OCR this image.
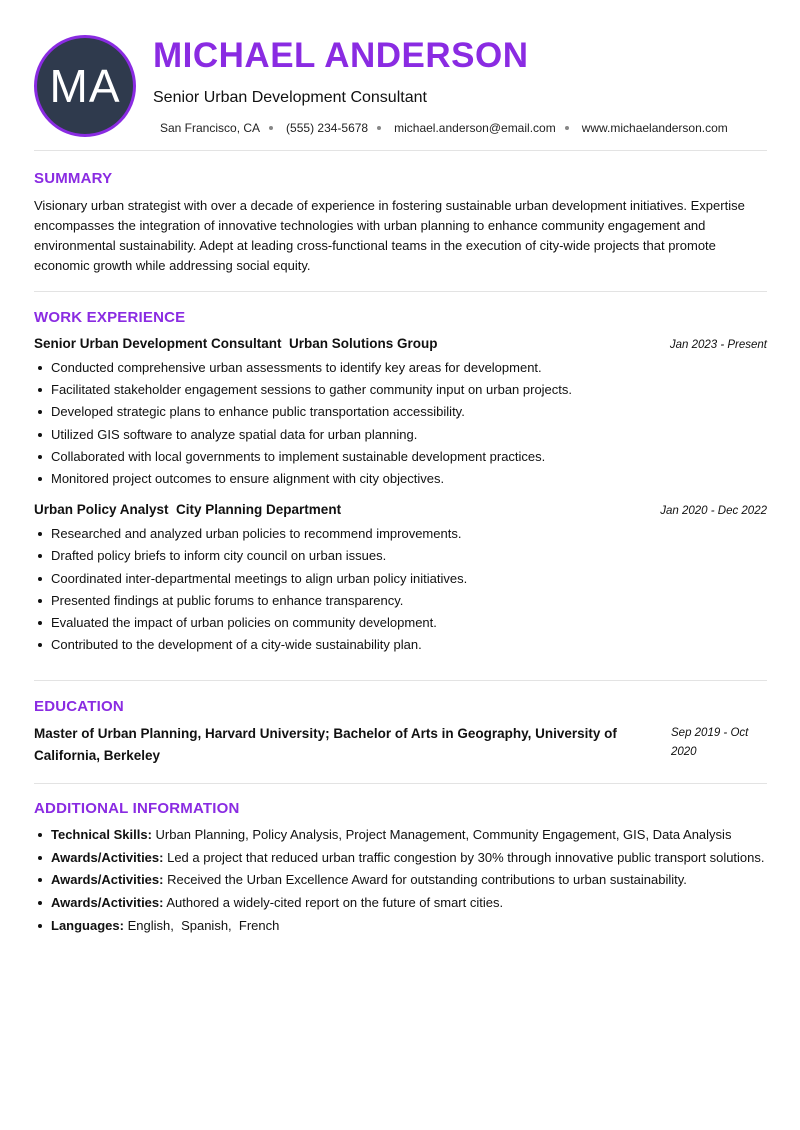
MA
MICHAEL ANDERSON
Senior Urban Development Consultant
San Francisco, CA (555) 234-5678 michael.anderson@email.com www.michaelanderson.com
SUMMARY

Visionary urban strategist with over a decade of experience in fostering sustainable urban development initiatives. Expertise encompasses the integration of innovative technologies with urban planning to enhance community engagement and environmental sustainability. Adept at leading cross-functional teams in the execution of city-wide projects that promote economic growth while addressing social equity.

WORK EXPERIENCE
Senior Urban Development Consultant  Urban Solutions Group	Jan 2023 - Present
Conducted comprehensive urban assessments to identify key areas for development.
Facilitated stakeholder engagement sessions to gather community input on urban projects.
Developed strategic plans to enhance public transportation accessibility.
Utilized GIS software to analyze spatial data for urban planning.
Collaborated with local governments to implement sustainable development practices.
Monitored project outcomes to ensure alignment with city objectives.
Urban Policy Analyst  City Planning Department	Jan 2020 - Dec 2022
Researched and analyzed urban policies to recommend improvements.
Drafted policy briefs to inform city council on urban issues.
Coordinated inter-departmental meetings to align urban policy initiatives.
Presented findings at public forums to enhance transparency.
Evaluated the impact of urban policies on community development.
Contributed to the development of a city-wide sustainability plan.
EDUCATION
Master of Urban Planning, Harvard University; Bachelor of Arts in Geography, University of California, Berkeley
Sep 2019 - Oct 2020
ADDITIONAL INFORMATION
Technical Skills: Urban Planning, Policy Analysis, Project Management, Community Engagement, GIS, Data Analysis
Awards/Activities: Led a project that reduced urban traffic congestion by 30% through innovative public transport solutions.
Awards/Activities: Received the Urban Excellence Award for outstanding contributions to urban sustainability.
Awards/Activities: Authored a widely-cited report on the future of smart cities.
Languages: English,  Spanish,  French
